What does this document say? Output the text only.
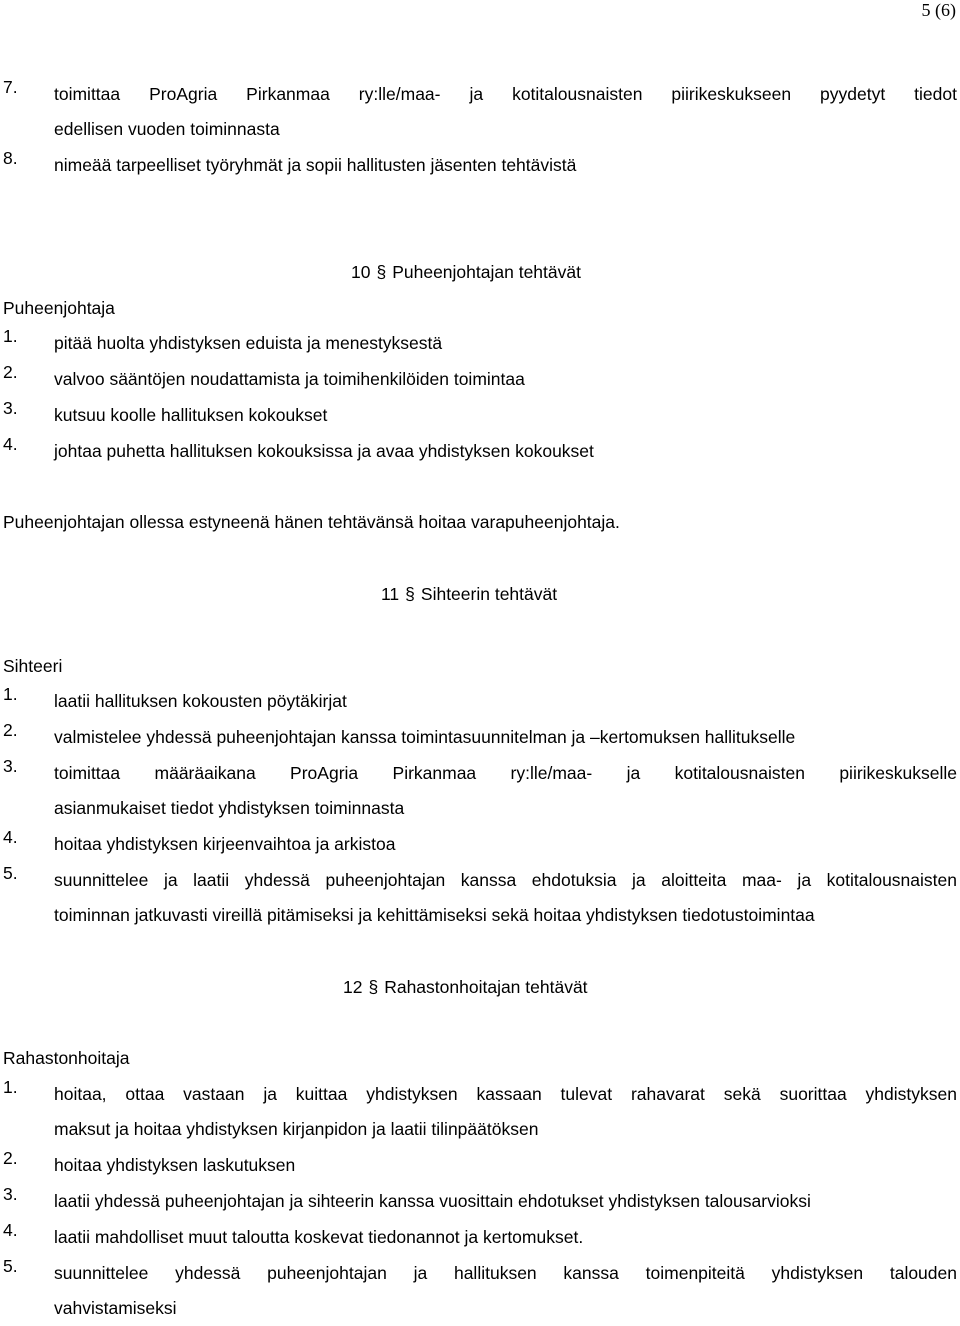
5 (6)
7.	toimittaa ProAgria Pirkanmaa ry:lle/maa- ja kotitalousnaisten piirikeskukseen pyydetyt tiedot
edellisen vuoden toiminnasta
8.	nimeää tarpeelliset työryhmät ja sopii hallitusten jäsenten tehtävistä
10 § Puheenjohtajan tehtävät
Puheenjohtaja
1.	pitää huolta yhdistyksen eduista ja menestyksestä
2.	valvoo sääntöjen noudattamista ja toimihenkilöiden toimintaa
3.	kutsuu koolle hallituksen kokoukset
4.	johtaa puhetta hallituksen kokouksissa ja avaa yhdistyksen kokoukset
Puheenjohtajan ollessa estyneenä hänen tehtävänsä hoitaa varapuheenjohtaja.
11 § Sihteerin tehtävät
Sihteeri
1.	laatii hallituksen kokousten pöytäkirjat
2.	valmistelee yhdessä puheenjohtajan kanssa toimintasuunnitelman ja –kertomuksen hallitukselle
3.	toimittaa määräaikana ProAgria Pirkanmaa ry:lle/maa- ja kotitalousnaisten piirikeskukselle
asianmukaiset tiedot yhdistyksen toiminnasta
4.	hoitaa yhdistyksen kirjeenvaihtoa ja arkistoa
5.	suunnittelee ja laatii yhdessä puheenjohtajan kanssa ehdotuksia ja aloitteita maa- ja kotitalousnaisten
toiminnan jatkuvasti vireillä pitämiseksi ja kehittämiseksi sekä hoitaa yhdistyksen tiedotustoimintaa
12 § Rahastonhoitajan tehtävät
Rahastonhoitaja
1.	hoitaa, ottaa vastaan ja kuittaa yhdistyksen kassaan tulevat rahavarat sekä suorittaa yhdistyksen
maksut ja hoitaa yhdistyksen kirjanpidon ja laatii tilinpäätöksen
2.	hoitaa yhdistyksen laskutuksen
3.	laatii yhdessä puheenjohtajan ja sihteerin kanssa vuosittain ehdotukset yhdistyksen talousarvioksi
4.	laatii mahdolliset muut taloutta koskevat tiedonannot ja kertomukset.
5.	suunnittelee yhdessä puheenjohtajan ja hallituksen kanssa toimenpiteitä yhdistyksen talouden
vahvistamiseksi
